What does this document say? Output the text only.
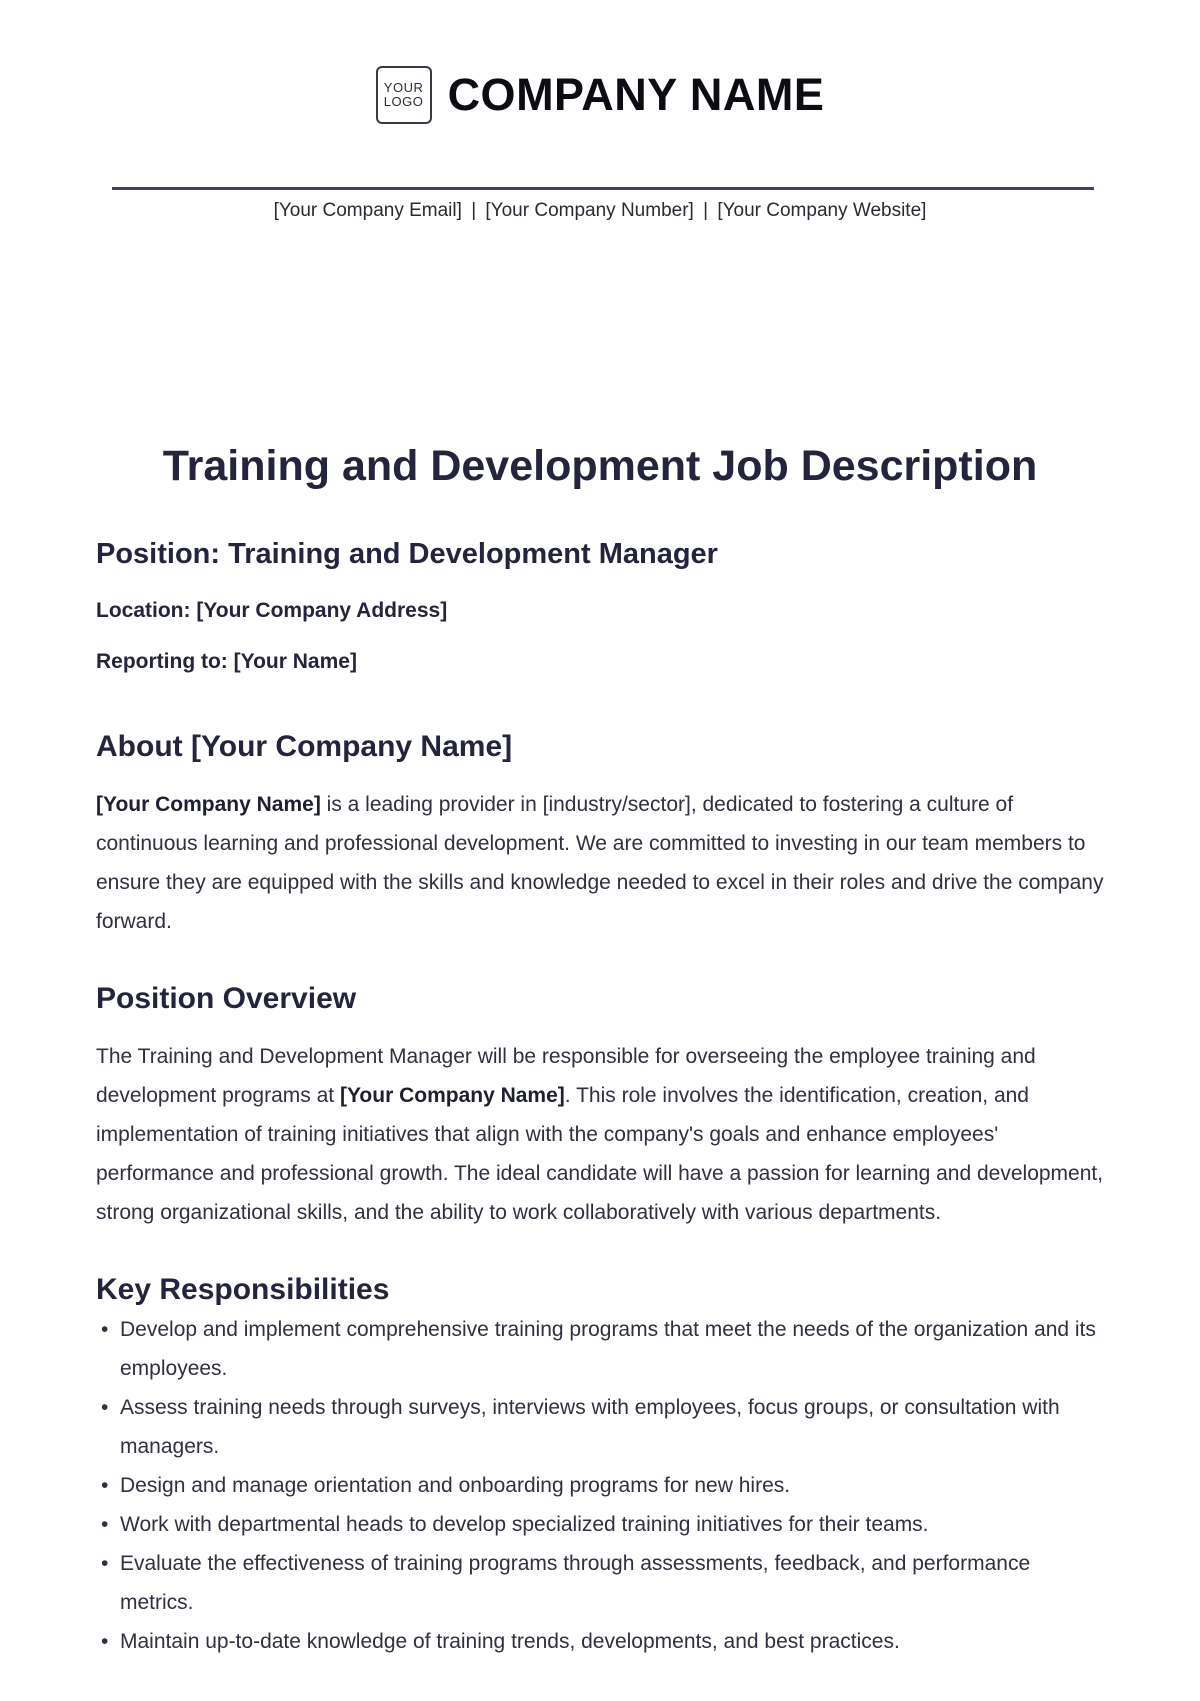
YOUR
LOGO COMPANY NAME
[Your Company Email] | [Your Company Number] | [Your Company Website]
Training and Development Job Description
Position: Training and Development Manager

Location: [Your Company Address]

Reporting to: [Your Name]

About [Your Company Name]

[Your Company Name] is a leading provider in [industry/sector], dedicated to fostering a culture of continuous learning and professional development. We are committed to investing in our team members to ensure they are equipped with the skills and knowledge needed to excel in their roles and drive the company forward.

Position Overview

The Training and Development Manager will be responsible for overseeing the employee training and development programs at [Your Company Name]. This role involves the identification, creation, and implementation of training initiatives that align with the company's goals and enhance employees' performance and professional growth. The ideal candidate will have a passion for learning and development, strong organizational skills, and the ability to work collaboratively with various departments.

Key Responsibilities
• Develop and implement comprehensive training programs that meet the needs of the organization and its employees.
• Assess training needs through surveys, interviews with employees, focus groups, or consultation with managers.
• Design and manage orientation and onboarding programs for new hires.
• Work with departmental heads to develop specialized training initiatives for their teams.
• Evaluate the effectiveness of training programs through assessments, feedback, and performance metrics.
• Maintain up-to-date knowledge of training trends, developments, and best practices.
